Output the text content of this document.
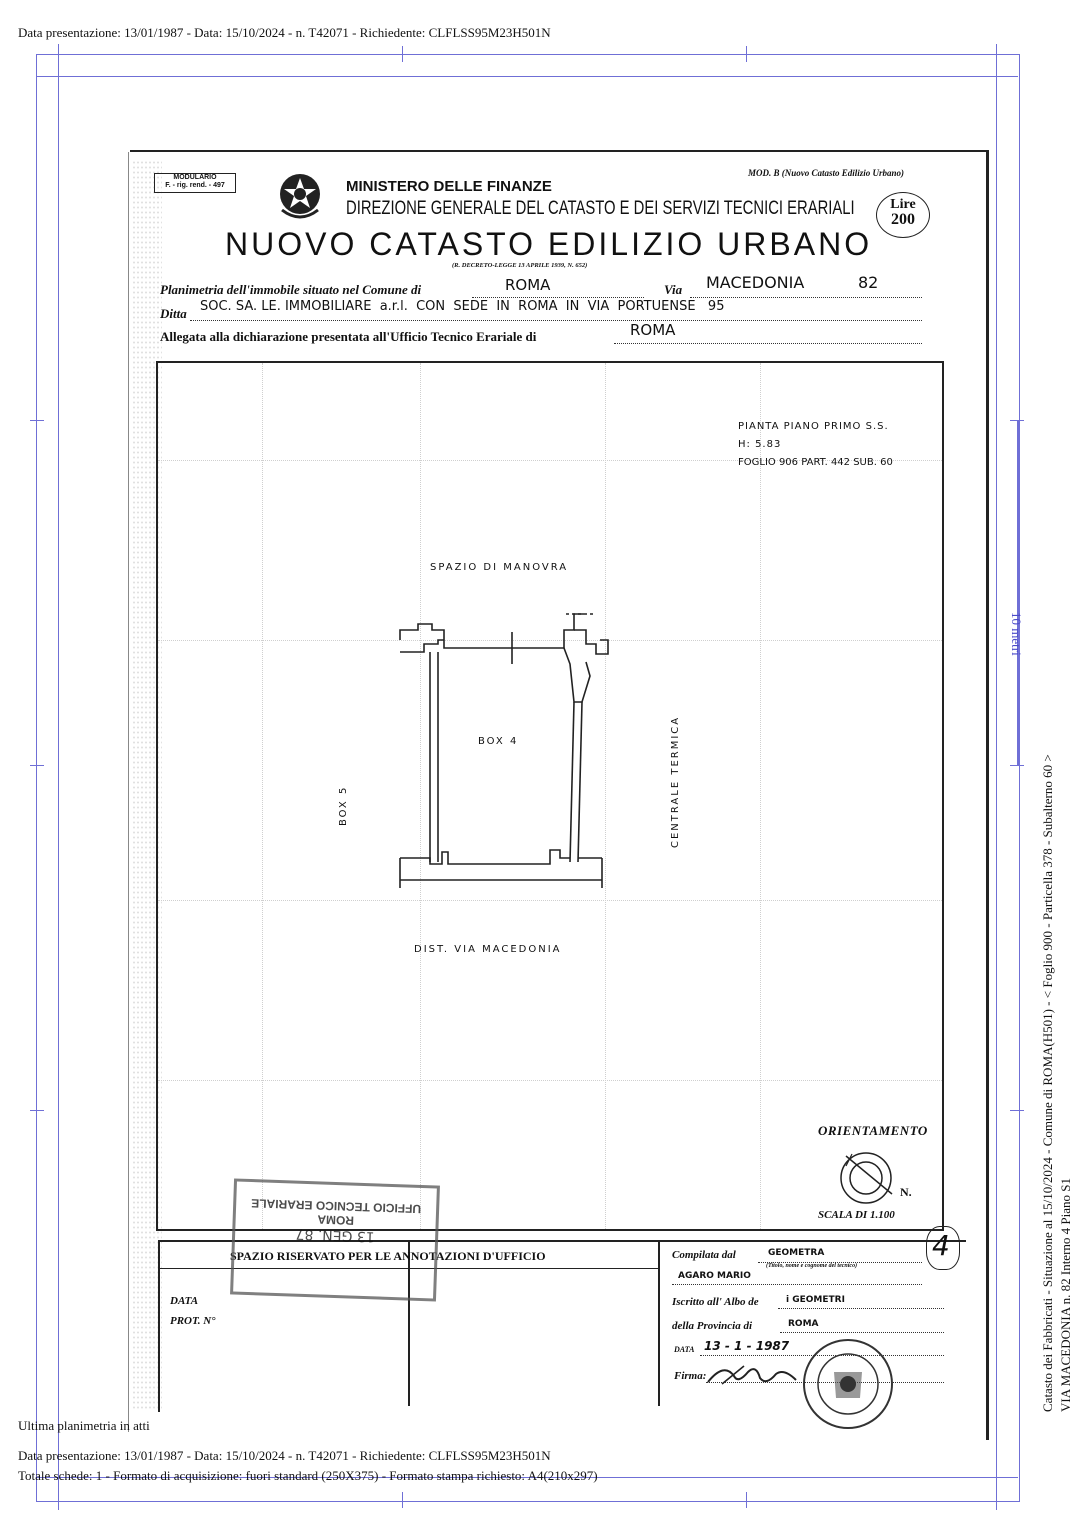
Data presentazione: 13/01/1987 - Data: 15/10/2024 - n. T42071 - Richiedente: CLFLSS95M23H501N
10 metri
MODULARIO
F. - rig. rend. - 497
MOD. B (Nuovo Catasto Edilizio Urbano)
MINISTERO DELLE FINANZE
DIREZIONE GENERALE DEL CATASTO E DEI SERVIZI TECNICI ERARIALI	Lire
200
NUOVO CATASTO EDILIZIO URBANO
(R. DECRETO-LEGGE 13 APRILE 1939, N. 652)
Planimetria dell'immobile situato nel Comune di	ROMA	Via MACEDONIA	82
Ditta SOC. SA. LE. IMMOBILIARE  a.r.l.  CON  SEDE  IN  ROMA  IN  VIA  PORTUENSE   95
Allegata alla dichiarazione presentata all'Ufficio Tecnico Erariale di	ROMA
PIANTA PIANO PRIMO S.S.
H: 5.83
FOGLIO 906 PART. 442 SUB. 60
SPAZIO DI MANOVRA
BOX 4
BOX 5	CENTRALE TERMICA
DIST. VIA MACEDONIA
ORIENTAMENTO
N.
SCALA DI 1.100
SPAZIO RISERVATO PER LE ANNOTAZIONI D'UFFICIO
DATA
PROT. N°
4
UFFICIO TECNICO ERARIALE
ROMA
13 GEN. 87
Compilata dal	GEOMETRA
(Titolo, nome e cognome del tecnico)
AGARO MARIO
Iscritto all' Albo de	i GEOMETRI
della Provincia di	ROMA
DATA 13 - 1 - 1987
Firma:	Catasto dei Fabbricati - Situazione al 15/10/2024 - Comune di ROMA(H501) - < Foglio 900 - Particella 378 - Subalterno 60 > VIA MACEDONIA n. 82 Interno 4 Piano S1
Ultima planimetria in atti
Data presentazione: 13/01/1987 - Data: 15/10/2024 - n. T42071 - Richiedente: CLFLSS95M23H501N
Totale schede: 1 - Formato di acquisizione: fuori standard (250X375) - Formato stampa richiesto: A4(210x297)
